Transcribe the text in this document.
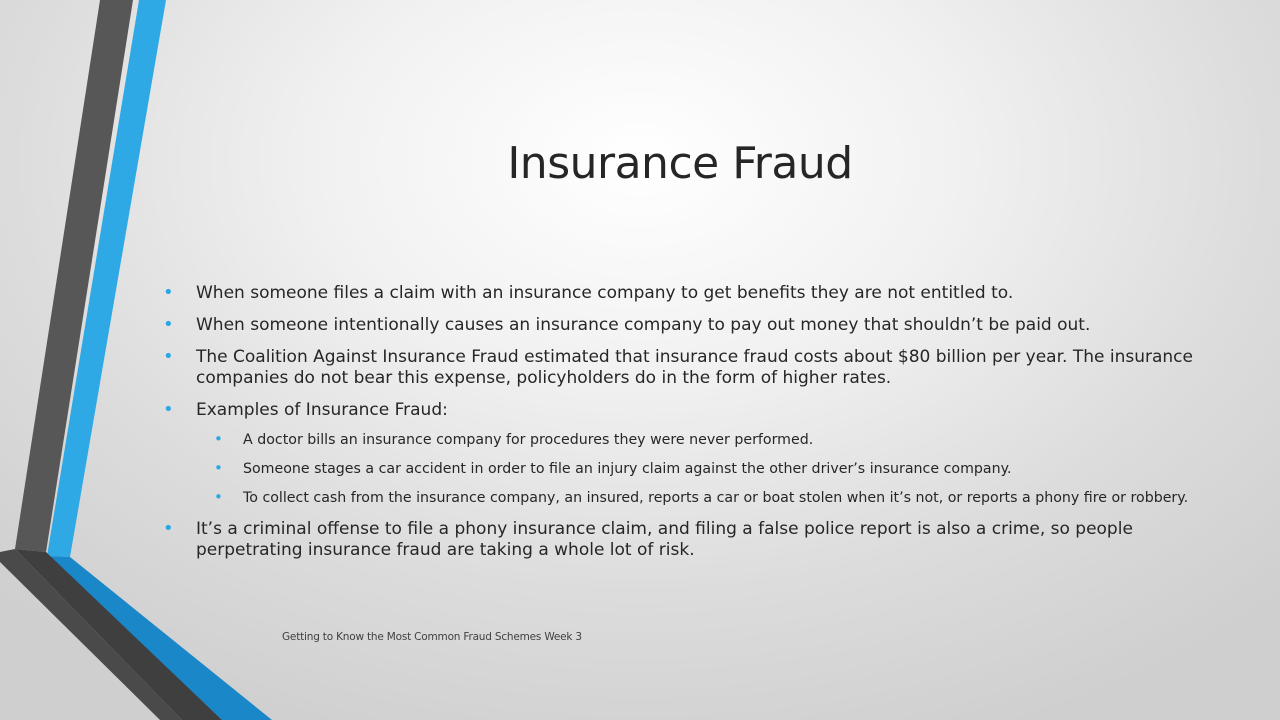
Insurance Fraud
• When someone files a claim with an insurance company to get benefits they are not entitled to.
• When someone intentionally causes an insurance company to pay out money that shouldn’t be paid out.
• The Coalition Against Insurance Fraud estimated that insurance fraud costs about $80 billion per year. The insurance companies do not bear this expense, policyholders do in the form of higher rates.
• Examples of Insurance Fraud:
• A doctor bills an insurance company for procedures they were never performed.
• Someone stages a car accident in order to file an injury claim against the other driver’s insurance company.
• To collect cash from the insurance company, an insured, reports a car or boat stolen when it’s not, or reports a phony fire or robbery.
• It’s a criminal offense to file a phony insurance claim, and filing a false police report is also a crime, so people perpetrating insurance fraud are taking a whole lot of risk.
Getting to Know the Most Common Fraud Schemes Week 3
